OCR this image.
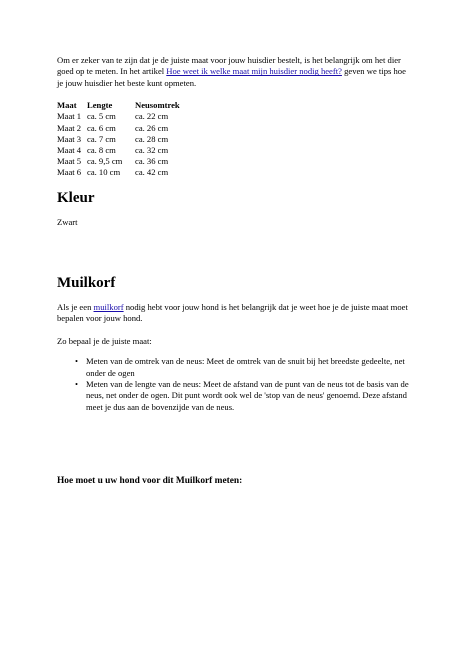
Om er zeker van te zijn dat je de juiste maat voor jouw huisdier bestelt, is het belangrijk om het dier goed op te meten. In het artikel Hoe weet ik welke maat mijn huisdier nodig heeft? geven we tips hoe je jouw huisdier het beste kunt opmeten.

Maat	Lengte	Neusomtrek
Maat 1	ca. 5 cm	ca. 22 cm
Maat 2	ca. 6 cm	ca. 26 cm
Maat 3	ca. 7 cm	ca. 28 cm
Maat 4	ca. 8 cm	ca. 32 cm
Maat 5	ca. 9,5 cm	ca. 36 cm
Maat 6	ca. 10 cm	ca. 42 cm
Kleur

Zwart

Muilkorf

Als je een muilkorf nodig hebt voor jouw hond is het belangrijk dat je weet hoe je de juiste maat moet bepalen voor jouw hond.

Zo bepaal je de juiste maat:

• Meten van de omtrek van de neus: Meet de omtrek van de snuit bij het breedste gedeelte, net onder de ogen
• Meten van de lengte van de neus: Meet de afstand van de punt van de neus tot de basis van de neus, net onder de ogen. Dit punt wordt ook wel de 'stop van de neus' genoemd. Deze afstand meet je dus aan de bovenzijde van de neus.
Hoe moet u uw hond voor dit Muilkorf meten:
